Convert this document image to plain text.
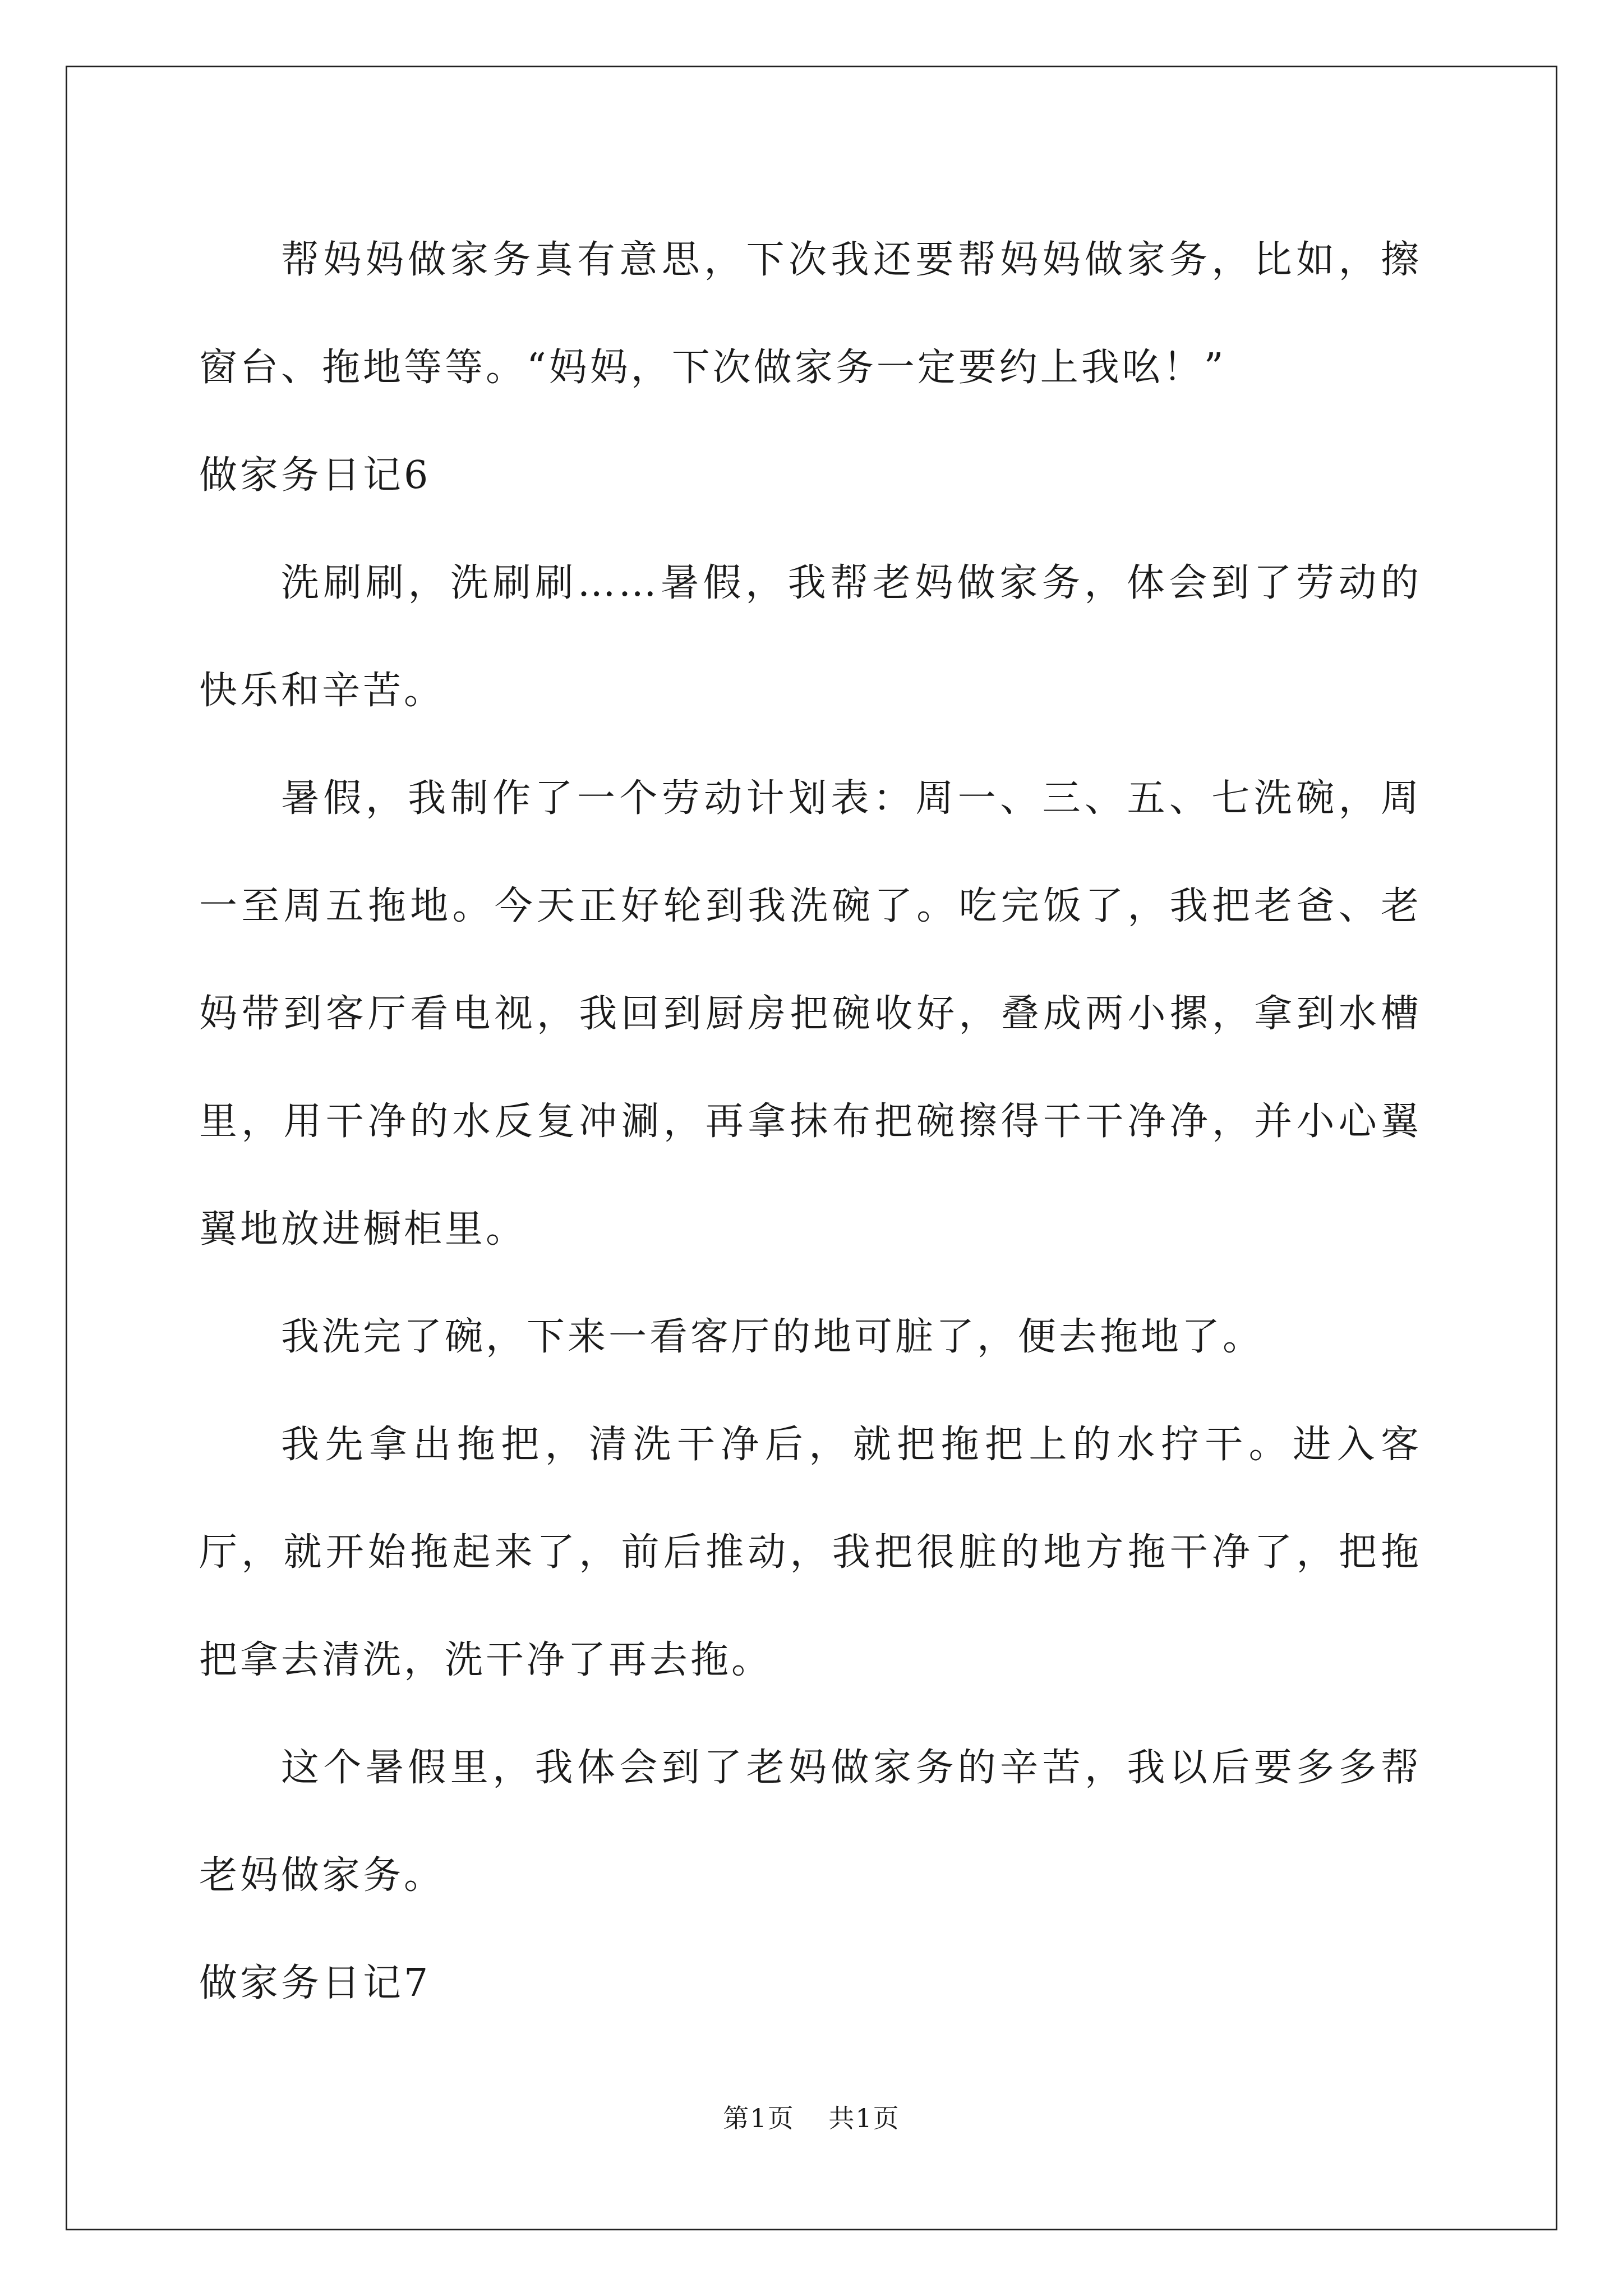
帮妈妈做家务真有意思，下次我还要帮妈妈做家务，比如，擦窗台、拖地等等。“妈妈，下次做家务一定要约上我吆！”

做家务日记6

洗刷刷，洗刷刷……暑假，我帮老妈做家务，体会到了劳动的快乐和辛苦。

暑假，我制作了一个劳动计划表：周一、三、五、七洗碗，周一至周五拖地。今天正好轮到我洗碗了。吃完饭了，我把老爸、老妈带到客厅看电视，我回到厨房把碗收好，叠成两小摞，拿到水槽里，用干净的水反复冲涮，再拿抹布把碗擦得干干净净，并小心翼翼地放进橱柜里。

我洗完了碗，下来一看客厅的地可脏了，便去拖地了。

我先拿出拖把，清洗干净后，就把拖把上的水拧干。进入客厅，就开始拖起来了，前后推动，我把很脏的地方拖干净了，把拖把拿去清洗，洗干净了再去拖。

这个暑假里，我体会到了老妈做家务的辛苦，我以后要多多帮老妈做家务。

做家务日记7

第1页 共1页
